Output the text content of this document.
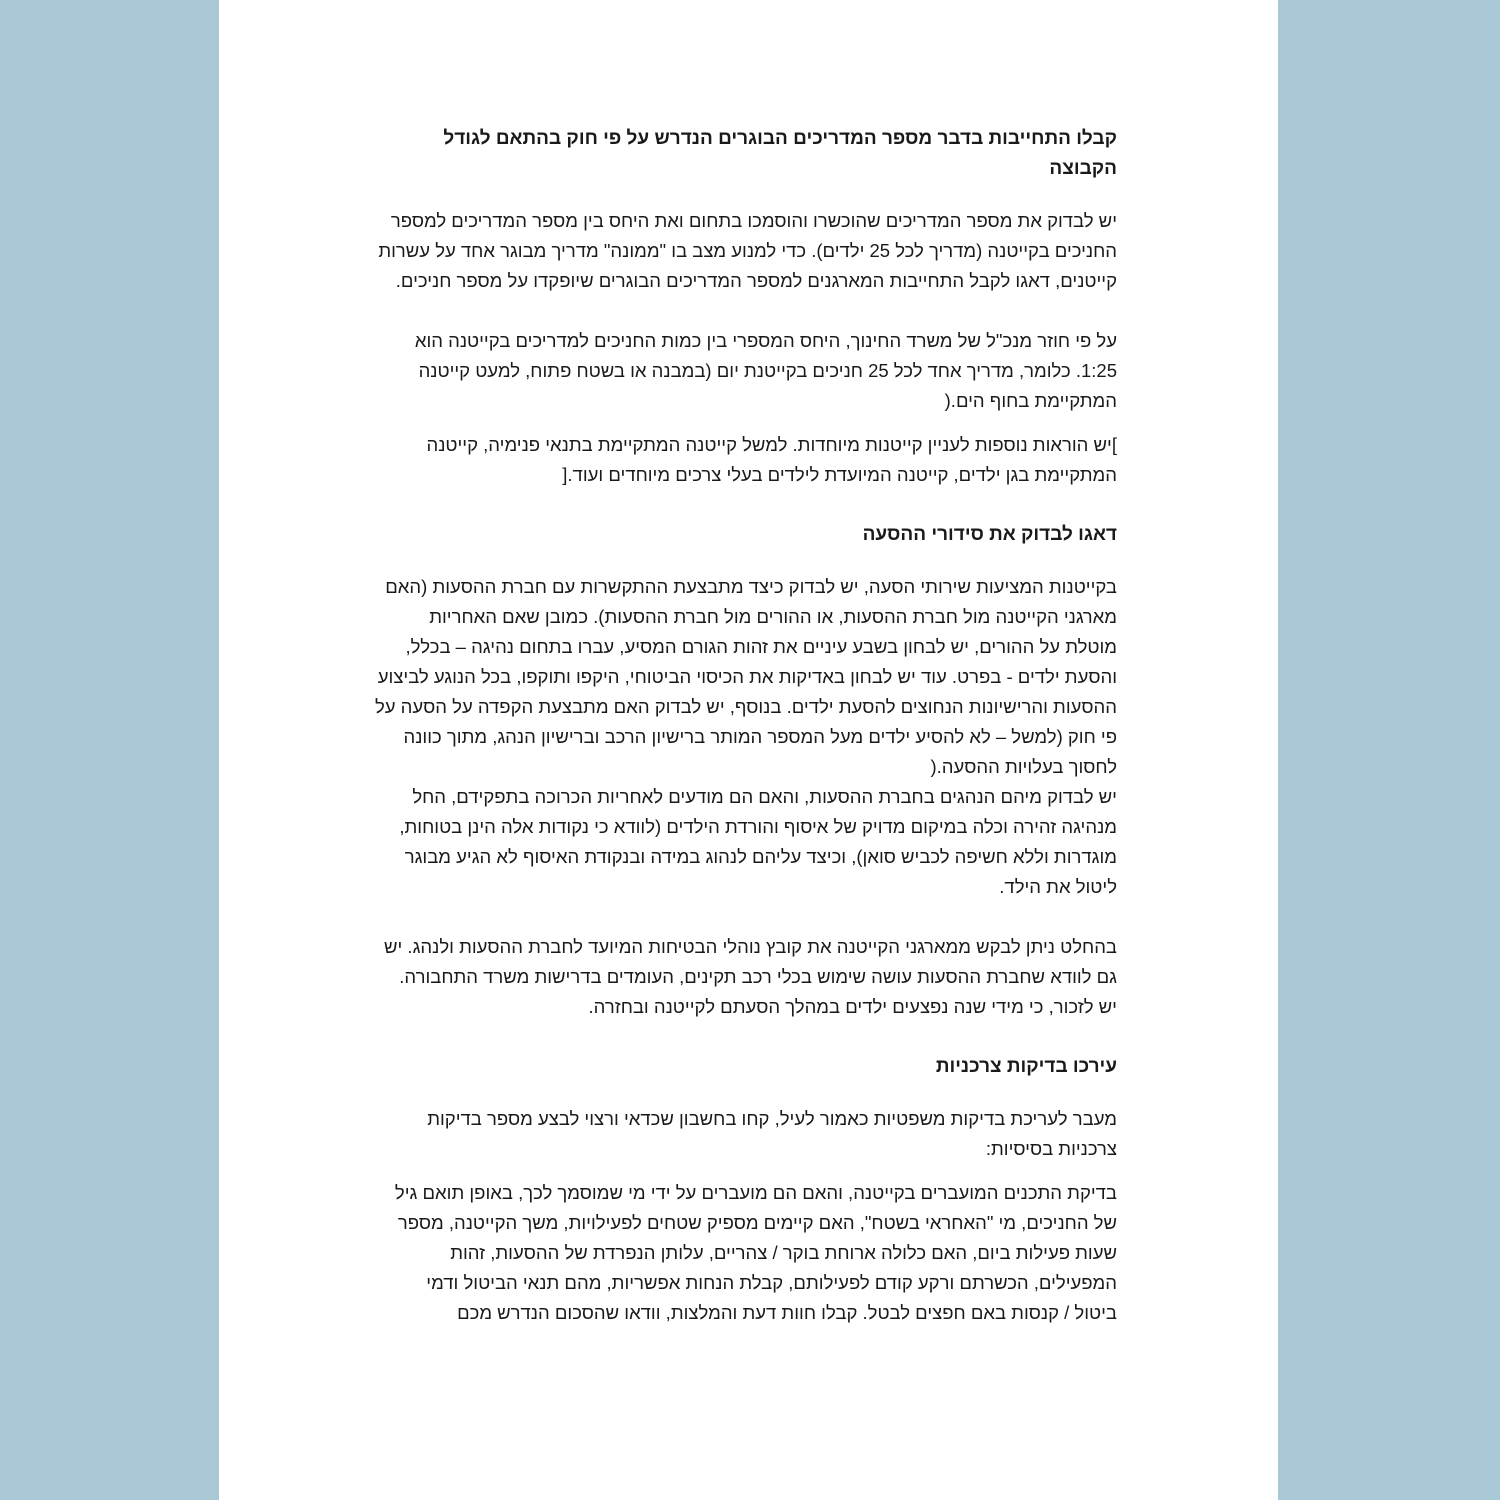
קבלו התחייבות בדבר מספר המדריכים הבוגרים הנדרש על פי חוק בהתאם לגודל הקבוצה

יש לבדוק את מספר המדריכים שהוכשרו והוסמכו בתחום ואת היחס בין מספר המדריכים למספר החניכים בקייטנה (מדריך לכל 25 ילדים). כדי למנוע מצב בו "ממונה" מדריך מבוגר אחד על עשרות קייטנים, דאגו לקבל התחייבות המארגנים למספר המדריכים הבוגרים שיופקדו על מספר חניכים.

על פי חוזר מנכ"ל של משרד החינוך, היחס המספרי בין כמות החניכים למדריכים בקייטנה הוא 1:25. כלומר, מדריך אחד לכל 25 חניכים בקייטנת יום (במבנה או בשטח פתוח, למעט קייטנה המתקיימת בחוף הים.(

]יש הוראות נוספות לעניין קייטנות מיוחדות. למשל קייטנה המתקיימת בתנאי פנימיה, קייטנה המתקיימת בגן ילדים, קייטנה המיועדת לילדים בעלי צרכים מיוחדים ועוד.[

דאגו לבדוק את סידורי ההסעה

בקייטנות המציעות שירותי הסעה, יש לבדוק כיצד מתבצעת ההתקשרות עם חברת ההסעות (האם מארגני הקייטנה מול חברת ההסעות, או ההורים מול חברת ההסעות). כמובן שאם האחריות מוטלת על ההורים, יש לבחון בשבע עיניים את זהות הגורם המסיע, עברו בתחום נהיגה – בכלל, והסעת ילדים - בפרט. עוד יש לבחון באדיקות את הכיסוי הביטוחי, היקפו ותוקפו, בכל הנוגע לביצוע ההסעות והרישיונות הנחוצים להסעת ילדים. בנוסף, יש לבדוק האם מתבצעת הקפדה על הסעה על פי חוק (למשל – לא להסיע ילדים מעל המספר המותר ברישיון הרכב וברישיון הנהג, מתוך כוונה לחסוך בעלויות ההסעה.(

יש לבדוק מיהם הנהגים בחברת ההסעות, והאם הם מודעים לאחריות הכרוכה בתפקידם, החל מנהיגה זהירה וכלה במיקום מדויק של איסוף והורדת הילדים (לוודא כי נקודות אלה הינן בטוחות, מוגדרות וללא חשיפה לכביש סואן), וכיצד עליהם לנהוג במידה ובנקודת האיסוף לא הגיע מבוגר ליטול את הילד.

בהחלט ניתן לבקש ממארגני הקייטנה את קובץ נוהלי הבטיחות המיועד לחברת ההסעות ולנהג. יש גם לוודא שחברת ההסעות עושה שימוש בכלי רכב תקינים, העומדים בדרישות משרד התחבורה.

יש לזכור, כי מידי שנה נפצעים ילדים במהלך הסעתם לקייטנה ובחזרה.

עירכו בדיקות צרכניות

מעבר לעריכת בדיקות משפטיות כאמור לעיל, קחו בחשבון שכדאי ורצוי לבצע מספר בדיקות צרכניות בסיסיות:

בדיקת התכנים המועברים בקייטנה, והאם הם מועברים על ידי מי שמוסמך לכך, באופן תואם גיל של החניכים, מי "האחראי בשטח", האם קיימים מספיק שטחים לפעילויות, משך הקייטנה, מספר שעות פעילות ביום, האם כלולה ארוחת בוקר / צהריים, עלותן הנפרדת של ההסעות, זהות המפעילים, הכשרתם ורקע קודם לפעילותם, קבלת הנחות אפשריות, מהם תנאי הביטול ודמי

ביטול / קנסות באם חפצים לבטל. קבלו חוות דעת והמלצות, וודאו שהסכום הנדרש מכם
